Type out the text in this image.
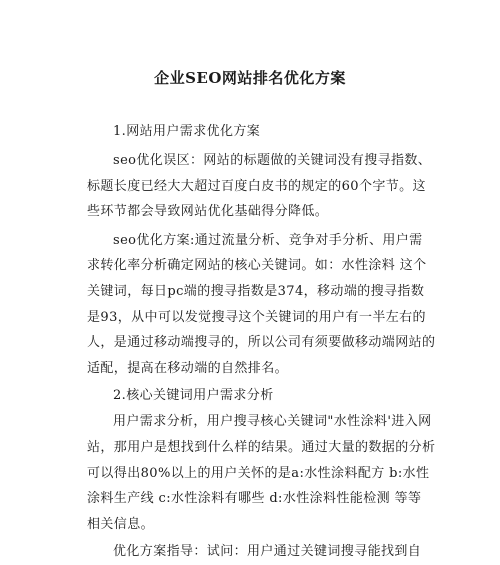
企业SEO网站排名优化方案
1.网站用户需求优化方案
seo优化误区：网站的标题做的关键词没有搜寻指数、
标题长度已经大大超过百度白皮书的规定的60个字节。这
些环节都会导致网站优化基础得分降低。
seo优化方案:通过流量分析、竞争对手分析、用户需
求转化率分析确定网站的核心关键词。如：水性涂料 这个
关键词，每日pc端的搜寻指数是374，移动端的搜寻指数
是93，从中可以发觉搜寻这个关键词的用户有一半左右的
人，是通过移动端搜寻的，所以公司有须要做移动端网站的
适配，提高在移动端的自然排名。
2.核心关键词用户需求分析
用户需求分析，用户搜寻核心关键词"水性涂料'进入网
站，那用户是想找到什么样的结果。通过大量的数据的分析
可以得出80%以上的用户关怀的是a:水性涂料配方 b:水性
涂料生产线 c:水性涂料有哪些 d:水性涂料性能检测 等等
相关信息。
优化方案指导：试问：用户通过关键词搜寻能找到自
